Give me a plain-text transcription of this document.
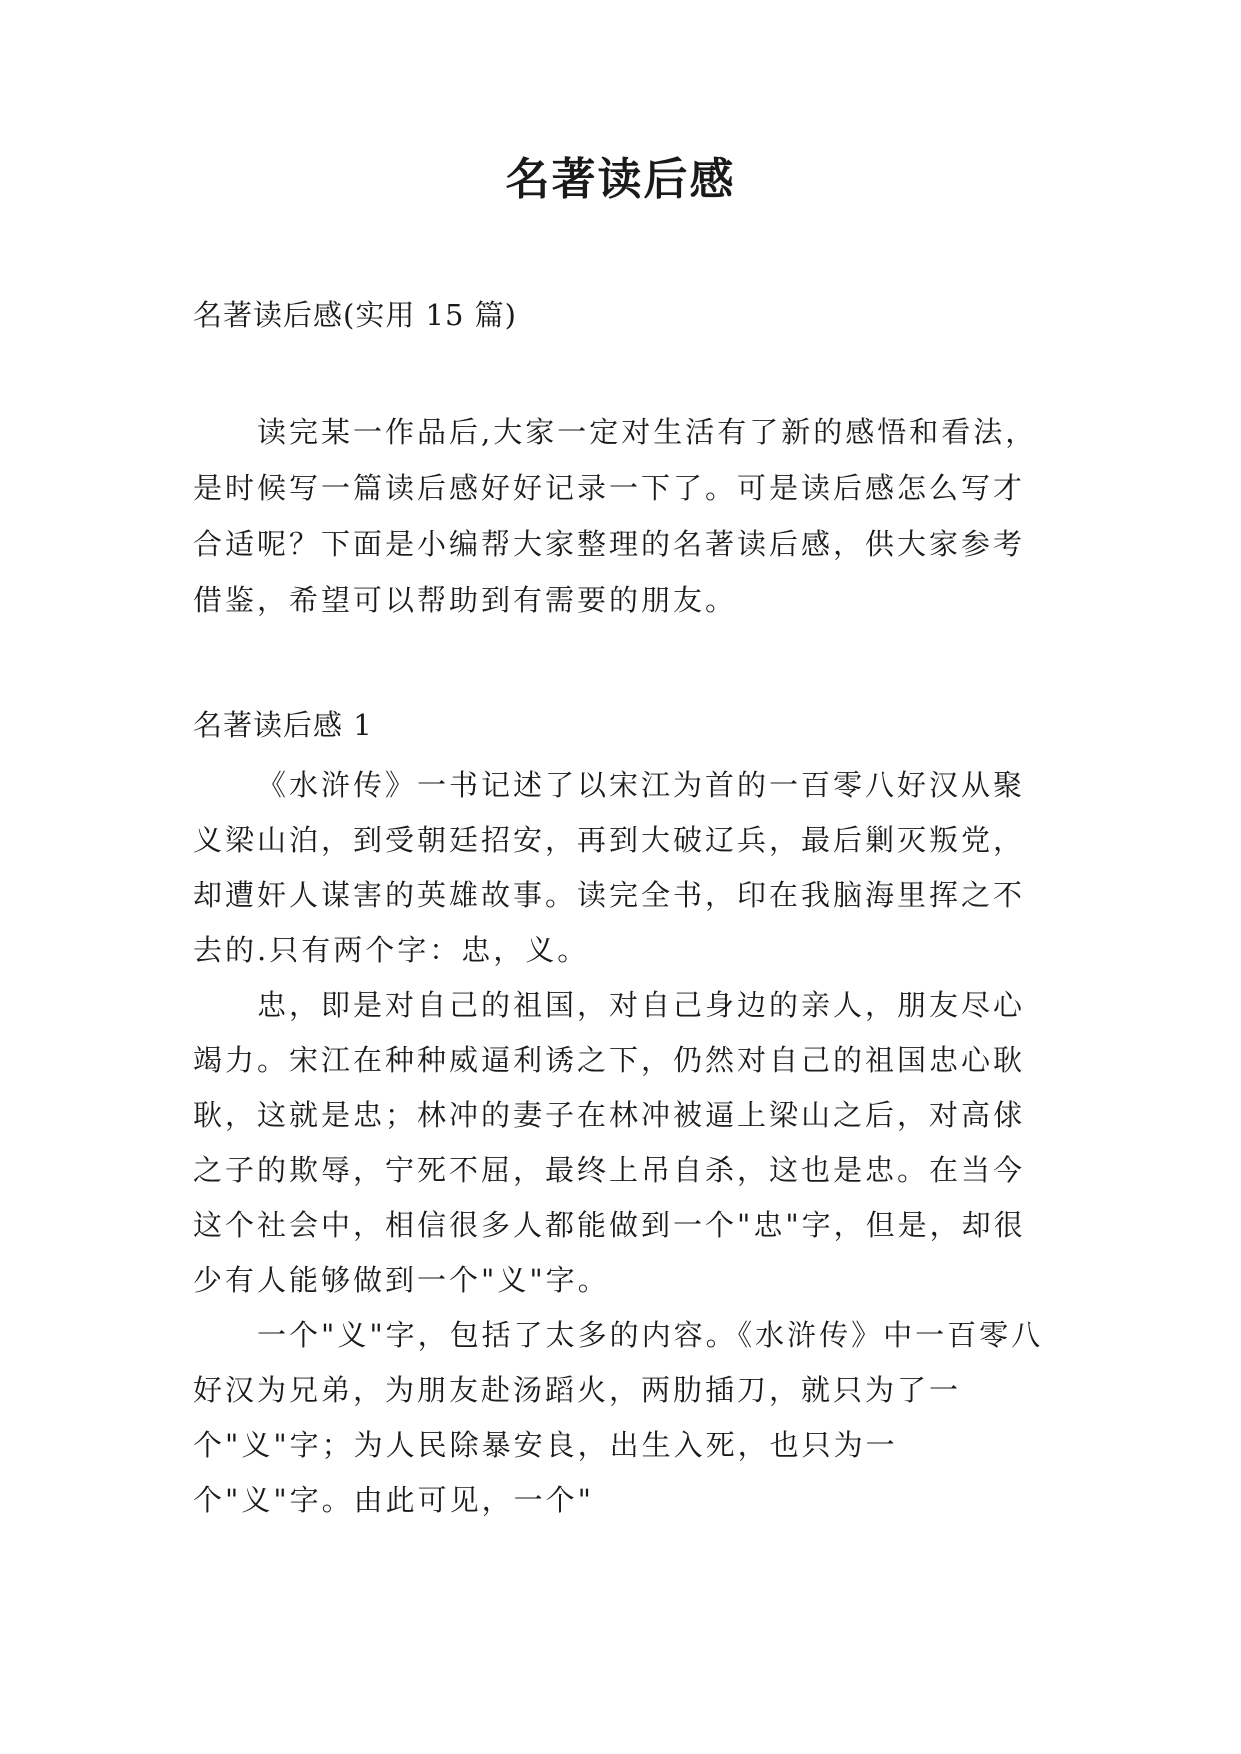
名著读后感

名著读后感(实用 15 篇)

读完某一作品后,大家一定对生活有了新的感悟和看法，是时候写一篇读后感好好记录一下了。可是读后感怎么写才合适呢？下面是小编帮大家整理的名著读后感，供大家参考借鉴，希望可以帮助到有需要的朋友。

名著读后感 1

《水浒传》一书记述了以宋江为首的一百零八好汉从聚义梁山泊，到受朝廷招安，再到大破辽兵，最后剿灭叛党，却遭奸人谋害的英雄故事。读完全书，印在我脑海里挥之不去的.只有两个字：忠，义。

忠，即是对自己的祖国，对自己身边的亲人，朋友尽心竭力。宋江在种种威逼利诱之下，仍然对自己的祖国忠心耿耿，这就是忠；林冲的妻子在林冲被逼上梁山之后，对高俅之子的欺辱，宁死不屈，最终上吊自杀，这也是忠。在当今这个社会中，相信很多人都能做到一个"忠"字，但是，却很少有人能够做到一个"义"字。

一个"义"字，包括了太多的内容。《水浒传》中一百零八好汉为兄弟，为朋友赴汤蹈火，两肋插刀，就只为了一个"义"字；为人民除暴安良，出生入死，也只为一个"义"字。由此可见，一个"
